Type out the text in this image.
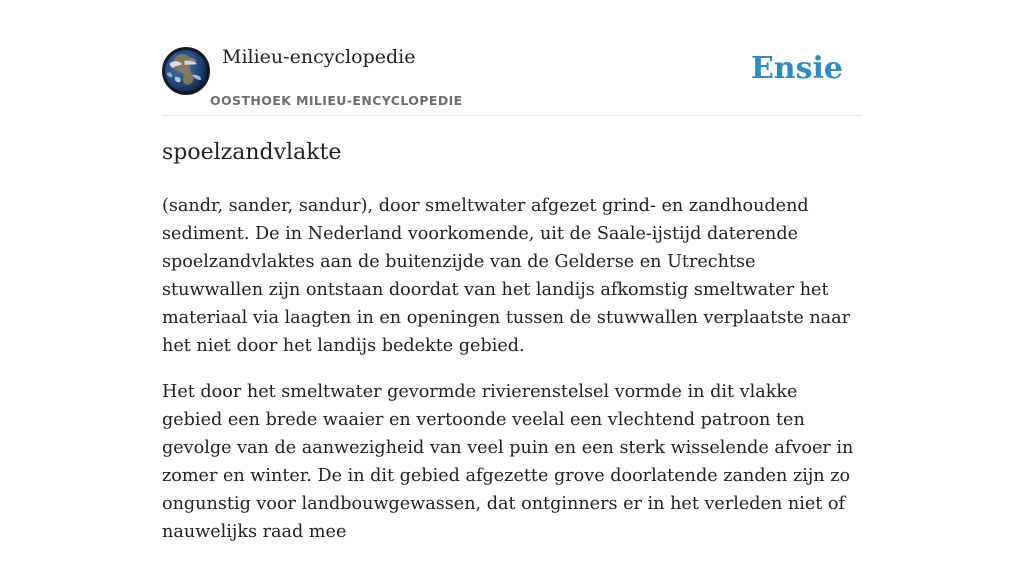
Milieu-encyclopedie
OOSTHOEK MILIEU-ENCYCLOPEDIE
Ensie
spoelzandvlakte

(sandr, sander, sandur), door smeltwater afgezet grind- en zandhoudend sediment. De in Nederland voorkomende, uit de Saale-ijstijd daterende spoelzandvlaktes aan de buitenzijde van de Gelderse en Utrechtse stuwwallen zijn ontstaan doordat van het landijs afkomstig smeltwater het materiaal via laagten in en openingen tussen de stuwwallen verplaatste naar het niet door het landijs bedekte gebied.

Het door het smeltwater gevormde rivierenstelsel vormde in dit vlakke gebied een brede waaier en vertoonde veelal een vlechtend patroon ten gevolge van de aanwezigheid van veel puin en een sterk wisselende afvoer in zomer en winter. De in dit gebied afgezette grove doorlatende zanden zijn zo ongunstig voor landbouwgewassen, dat ontginners er in het verleden niet of nauwelijks raad mee
